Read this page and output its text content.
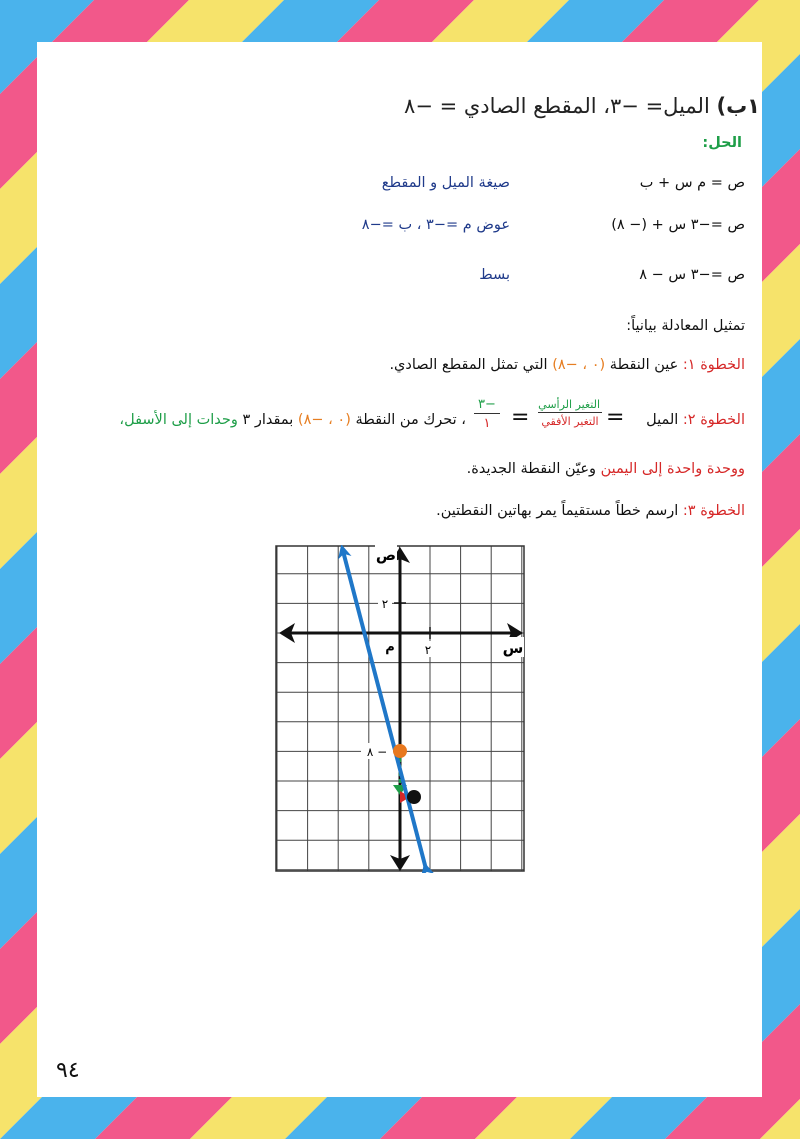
١ب) الميل= −٣، المقطع الصادي = −٨
الحل:
ص = م س + ب
صيغة الميل و المقطع
ص =−٣ س + (− ٨)
عوض م =−٣ ، ب =−٨
ص =−٣ س − ٨
بسط
تمثيل المعادلة بيانياً:
الخطوة ١: عين النقطة (٠ ، −٨) التي تمثل المقطع الصادي.
الخطوة ٢: الميل
=
التغير الرأسي
التغير الأفقي
=
−٣
١
، تحرك من النقطة (٠ ، −٨) بمقدار ٣ وحدات إلى الأسفل،
ووحدة واحدة إلى اليمين وعيّن النقطة الجديدة.
الخطوة ٣: ارسم خطاً مستقيماً يمر بهاتين النقطتين.
ص
س
م	٢
٢
٨ −
٩٤
